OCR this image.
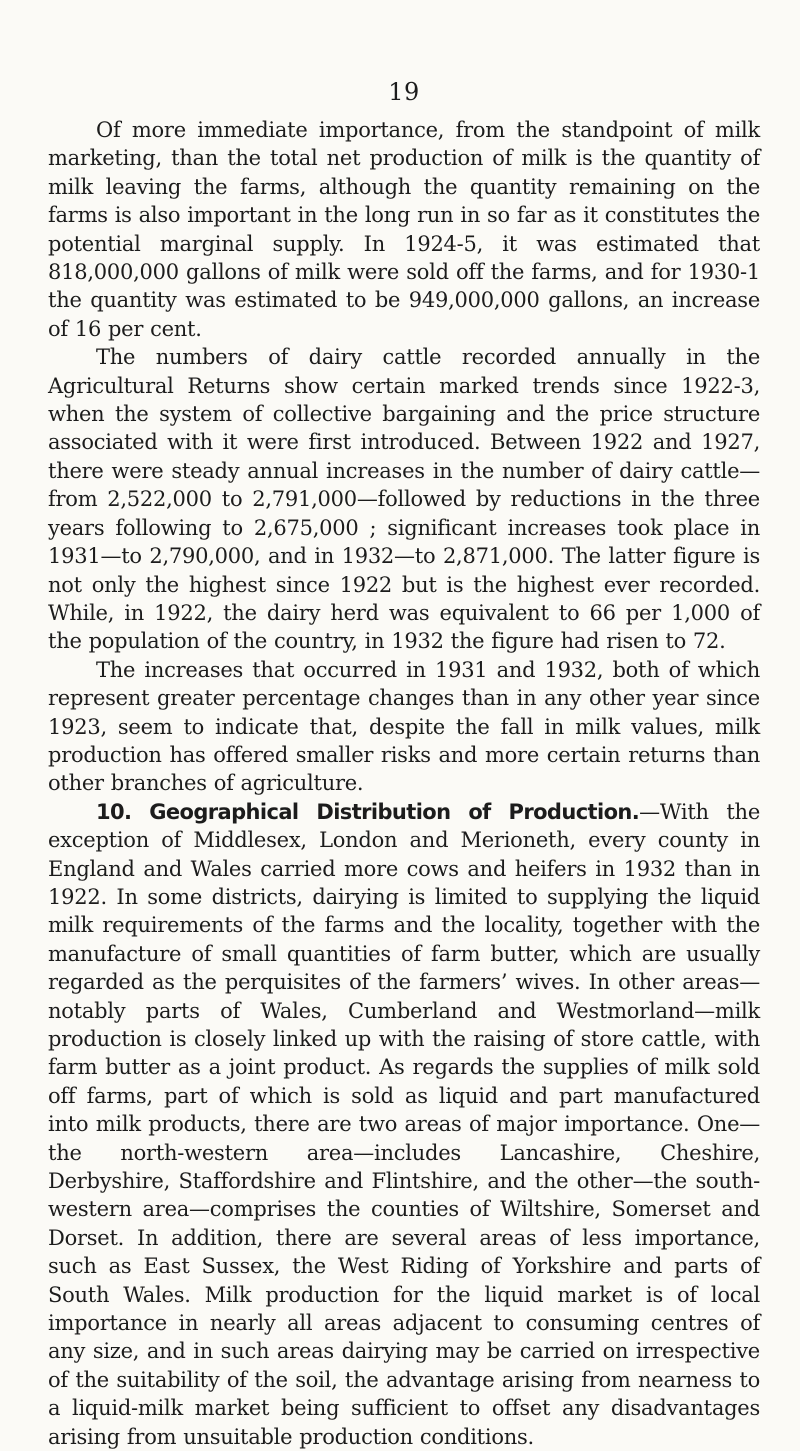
19

Of more immediate importance, from the standpoint of milk marketing, than the total net production of milk is the quantity of milk leaving the farms, although the quantity remaining on the farms is also important in the long run in so far as it constitutes the potential marginal supply. In 1924-5, it was estimated that 818,000,000 gallons of milk were sold off the farms, and for 1930-1 the quantity was estimated to be 949,000,000 gallons, an increase of 16 per cent.

The numbers of dairy cattle recorded annually in the Agricultural Returns show certain marked trends since 1922-3, when the system of collective bargaining and the price structure associated with it were first introduced. Between 1922 and 1927, there were steady annual increases in the number of dairy cattle—from 2,522,000 to 2,791,000—followed by reductions in the three years following to 2,675,000 ; significant increases took place in 1931—to 2,790,000, and in 1932—to 2,871,000. The latter figure is not only the highest since 1922 but is the highest ever recorded. While, in 1922, the dairy herd was equivalent to 66 per 1,000 of the population of the country, in 1932 the figure had risen to 72.

The increases that occurred in 1931 and 1932, both of which represent greater percentage changes than in any other year since 1923, seem to indicate that, despite the fall in milk values, milk production has offered smaller risks and more certain returns than other branches of agriculture.

10. Geographical Distribution of Production.—With the exception of Middlesex, London and Merioneth, every county in England and Wales carried more cows and heifers in 1932 than in 1922. In some districts, dairying is limited to supplying the liquid milk requirements of the farms and the locality, together with the manufacture of small quantities of farm butter, which are usually regarded as the perquisites of the farmers’ wives. In other areas—notably parts of Wales, Cumberland and Westmorland—milk production is closely linked up with the raising of store cattle, with farm butter as a joint product. As regards the supplies of milk sold off farms, part of which is sold as liquid and part manufactured into milk products, there are two areas of major importance. One—the north-western area—includes Lancashire, Cheshire, Derbyshire, Staffordshire and Flintshire, and the other—the south-western area—comprises the counties of Wiltshire, Somerset and Dorset. In addition, there are several areas of less importance, such as East Sussex, the West Riding of Yorkshire and parts of South Wales. Milk production for the liquid market is of local importance in nearly all areas adjacent to consuming centres of any size, and in such areas dairying may be carried on irrespective of the suitability of the soil, the advantage arising from nearness to a liquid-milk market being sufficient to offset any disadvantages arising from unsuitable production conditions.
